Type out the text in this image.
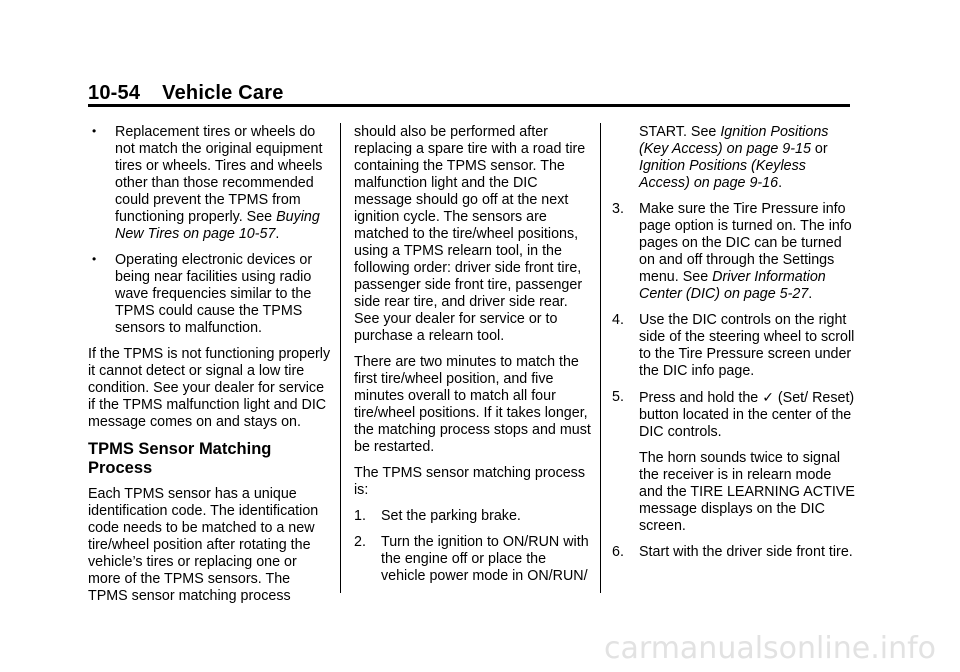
10-54 Vehicle Care
• Replacement tires or wheels do not match the original equipment tires or wheels. Tires and wheels other than those recommended could prevent the TPMS from functioning properly. See Buying New Tires on page 10-57.
• Operating electronic devices or being near facilities using radio wave frequencies similar to the TPMS could cause the TPMS sensors to malfunction.

If the TPMS is not functioning properly it cannot detect or signal a low tire condition. See your dealer for service if the TPMS malfunction light and DIC message comes on and stays on.

TPMS Sensor Matching Process

Each TPMS sensor has a unique identification code. The identification code needs to be matched to a new tire/wheel position after rotating the vehicle’s tires or replacing one or more of the TPMS sensors. The TPMS sensor matching process

should also be performed after replacing a spare tire with a road tire containing the TPMS sensor. The malfunction light and the DIC message should go off at the next ignition cycle. The sensors are matched to the tire/wheel positions, using a TPMS relearn tool, in the following order: driver side front tire, passenger side front tire, passenger side rear tire, and driver side rear. See your dealer for service or to purchase a relearn tool.

There are two minutes to match the first tire/wheel position, and five minutes overall to match all four tire/wheel positions. If it takes longer, the matching process stops and must be restarted.

The TPMS sensor matching process is:

1. Set the parking brake.
2. Turn the ignition to ON/RUN with the engine off or place the vehicle power mode in ON/RUN/
START. See Ignition Positions (Key Access) on page 9-15 or Ignition Positions (Keyless Access) on page 9-16.
3. Make sure the Tire Pressure info page option is turned on. The info pages on the DIC can be turned on and off through the Settings menu. See Driver Information Center (DIC) on page 5-27.
4. Use the DIC controls on the right side of the steering wheel to scroll to the Tire Pressure screen under the DIC info page.
5. Press and hold the ✓ (Set/ Reset) button located in the center of the DIC controls.
The horn sounds twice to signal the receiver is in relearn mode and the TIRE LEARNING ACTIVE message displays on the DIC screen.
6. Start with the driver side front tire.
carmanualsonline.info
